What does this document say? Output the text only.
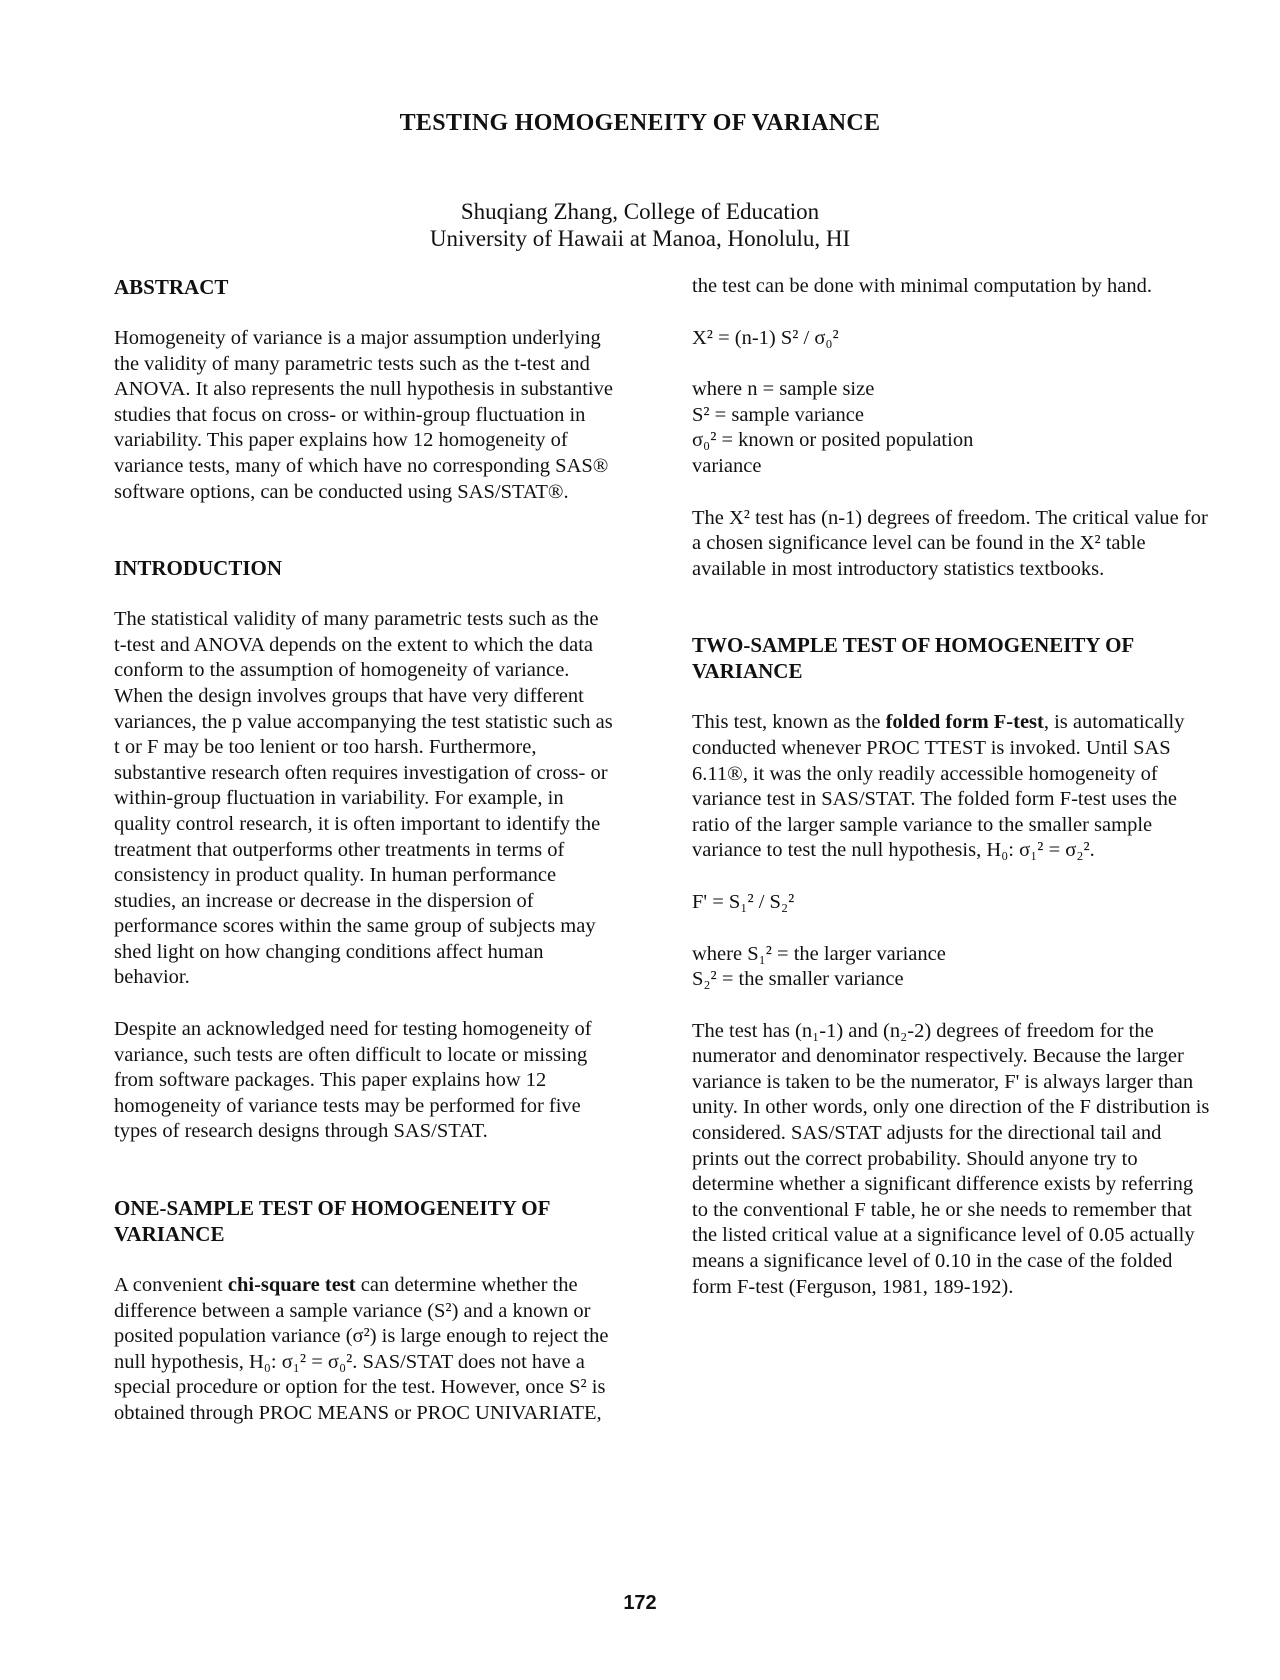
TESTING HOMOGENEITY OF VARIANCE
Shuqiang Zhang, College of Education
University of Hawaii at Manoa, Honolulu, HI

ABSTRACT

Homogeneity of variance is a major assumption underlying the validity of many parametric tests such as the t-test and ANOVA. It also represents the null hypothesis in substantive studies that focus on cross- or within-group fluctuation in variability. This paper explains how 12 homogeneity of variance tests, many of which have no corresponding SAS® software options, can be conducted using SAS/STAT®.

INTRODUCTION

The statistical validity of many parametric tests such as the t-test and ANOVA depends on the extent to which the data conform to the assumption of homogeneity of variance. When the design involves groups that have very different variances, the p value accompanying the test statistic such as t or F may be too lenient or too harsh. Furthermore, substantive research often requires investigation of cross- or within-group fluctuation in variability. For example, in quality control research, it is often important to identify the treatment that outperforms other treatments in terms of consistency in product quality. In human performance studies, an increase or decrease in the dispersion of performance scores within the same group of subjects may shed light on how changing conditions affect human behavior.

Despite an acknowledged need for testing homogeneity of variance, such tests are often difficult to locate or missing from software packages. This paper explains how 12 homogeneity of variance tests may be performed for five types of research designs through SAS/STAT.

ONE-SAMPLE TEST OF HOMOGENEITY OF VARIANCE

A convenient chi-square test can determine whether the difference between a sample variance (S²) and a known or posited population variance (σ²) is large enough to reject the null hypothesis, H₀: σ₁² = σ₀². SAS/STAT does not have a special procedure or option for the test. However, once S² is obtained through PROC MEANS or PROC UNIVARIATE,

the test can be done with minimal computation by hand.

X² = (n-1) S² / σ₀²

where n = sample size

S² = sample variance

σ₀² = known or posited population

variance

The X² test has (n-1) degrees of freedom. The critical value for a chosen significance level can be found in the X² table available in most introductory statistics textbooks.

TWO-SAMPLE TEST OF HOMOGENEITY OF VARIANCE

This test, known as the folded form F-test, is automatically conducted whenever PROC TTEST is invoked. Until SAS 6.11®, it was the only readily accessible homogeneity of variance test in SAS/STAT. The folded form F-test uses the ratio of the larger sample variance to the smaller sample variance to test the null hypothesis, H₀: σ₁² = σ₂².

F' = S₁² / S₂²

where S₁² = the larger variance

S₂² = the smaller variance

The test has (n₁-1) and (n₂-2) degrees of freedom for the numerator and denominator respectively. Because the larger variance is taken to be the numerator, F' is always larger than unity. In other words, only one direction of the F distribution is considered. SAS/STAT adjusts for the directional tail and prints out the correct probability. Should anyone try to determine whether a significant difference exists by referring to the conventional F table, he or she needs to remember that the listed critical value at a significance level of 0.05 actually means a significance level of 0.10 in the case of the folded form F-test (Ferguson, 1981, 189-192).

172
